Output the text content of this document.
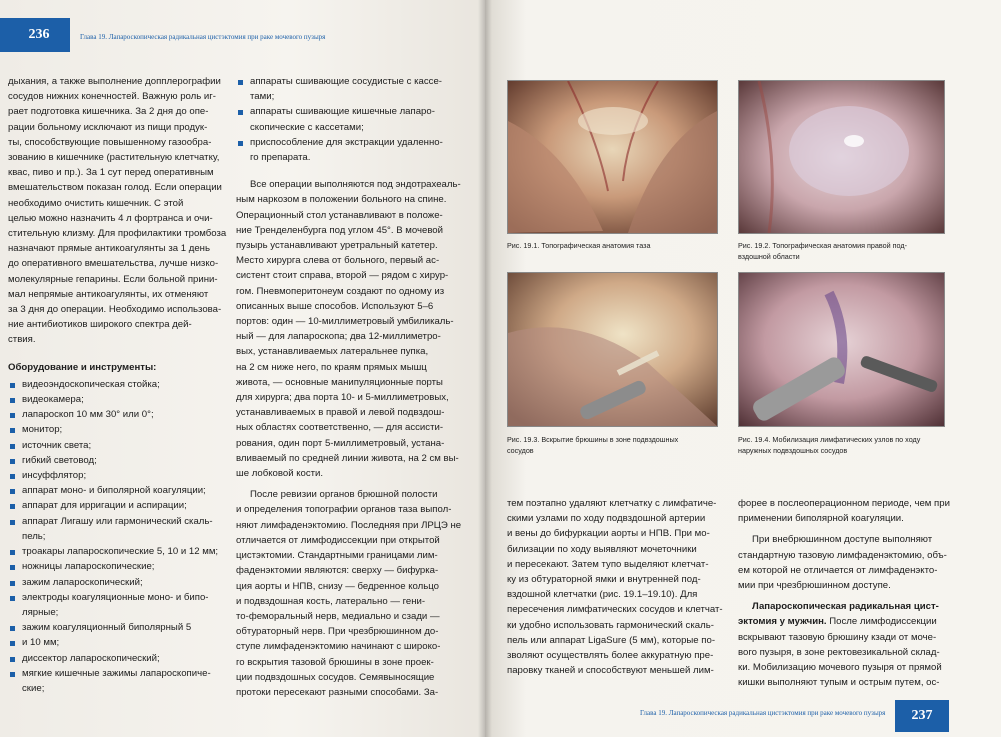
236	Глава 19. Лапароскопическая радикальная цистэктомия при раке мочевого пузыря
дыхания, а также выполнение допплерографии
сосудов нижних конечностей. Важную роль иг-
рает подготовка кишечника. За 2 дня до опе-
рации больному исключают из пищи продук-
ты, способствующие повышенному газообра-
зованию в кишечнике (растительную клетчатку,
квас, пиво и пр.). За 1 сут перед оперативным
вмешательством показан голод. Если операции
необходимо очистить кишечник. С этой
целью можно назначить 4 л фортранса и очи-
стительную клизму. Для профилактики тромбоза
назначают прямые антикоагулянты за 1 день
до оперативного вмешательства, лучше низко-
молекулярные гепарины. Если больной прини-
мал непрямые антикоагулянты, их отменяют
за 3 дня до операции. Необходимо использова-
ние антибиотиков широкого спектра дей-
ствия.

Оборудование и инструменты:

видеоэндоскопическая стойка;
видеокамера;
лапароскоп 10 мм 30° или 0°;
монитор;
источник света;
гибкий световод;
инсуффлятор;
аппарат моно- и биполярной коагуляции;
аппарат для ирригации и аспирации;
аппарат Лигашу или гармонический скаль-
пель;
троакары лапароскопические 5, 10 и 12 мм;
ножницы лапароскопические;
зажим лапароскопический;
электроды коагуляционные моно- и бипо-
лярные;
зажим коагуляционный биполярный 5
и 10 мм;
диссектор лапароскопический;
мягкие кишечные зажимы лапароскопиче-
ские;
аппараты сшивающие сосудистые с кассе-
тами;
аппараты сшивающие кишечные лапаро-
скопические с кассетами;
приспособление для экстракции удаленно-
го препарата.
Все операции выполняются под эндотрахеаль-
ным наркозом в положении больного на спине.
Операционный стол устанавливают в положе-
ние Тренделенбурга под углом 45°. В мочевой
пузырь устанавливают уретральный катетер.
Место хирурга слева от больного, первый ас-
систент стоит справа, второй — рядом с хирур-
гом. Пневмоперитонеум создают по одному из
описанных выше способов. Используют 5–6
портов: один — 10-миллиметровый умбиликаль-
ный — для лапароскопа; два 12-миллиметро-
вых, устанавливаемых латеральнее пупка,
на 2 см ниже него, по краям прямых мышц
живота, — основные манипуляционные порты
для хирурга; два порта 10- и 5-миллиметровых,
устанавливаемых в правой и левой подвздош-
ных областях соответственно, — для ассисти-
рования, один порт 5-миллиметровый, устана-
вливаемый по средней линии живота, на 2 см вы-
ше лобковой кости.
После ревизии органов брюшной полости
и определения топографии органов таза выпол-
няют лимфаденэктомию. Последняя при ЛРЦЭ не
отличается от лимфодиссекции при открытой
цистэктомии. Стандартными границами лим-
фаденэктомии являются: сверху — бифурка-
ция аорты и НПВ, снизу — бедренное кольцо
и подвздошная кость, латерально — гени-
то-феморальный нерв, медиально и сзади —
обтураторный нерв. При чрезбрюшинном до-
ступе лимфаденэктомию начинают с широко-
го вскрытия тазовой брюшины в зоне проек-
ции подвздошных сосудов. Семявыносящие
протоки пересекают разными способами. За-
Рис. 19.1. Топографическая анатомия таза	Рис. 19.2. Топографическая анатомия правой под-
вздошной области
Рис. 19.3. Вскрытие брюшины в зоне подвздошных
сосудов
Рис. 19.4. Мобилизация лимфатических узлов по ходу
наружных подвздошных сосудов
тем поэтапно удаляют клетчатку с лимфатиче-
скими узлами по ходу подвздошной артерии
и вены до бифуркации аорты и НПВ. При мо-
билизации по ходу выявляют мочеточники
и пересекают. Затем тупо выделяют клетчат-
ку из обтураторной ямки и внутренней под-
вздошной клетчатки (рис. 19.1–19.10). Для
пересечения лимфатических сосудов и клетчат-
ки удобно использовать гармонический скаль-
пель или аппарат LigaSure (5 мм), которые по-
зволяют осуществлять более аккуратную пре-
паровку тканей и способствуют меньшей лим-
форее в послеоперационном периоде, чем при
применении биполярной коагуляции.
При внебрюшинном доступе выполняют
стандартную тазовую лимфаденэктомию, объ-
ем которой не отличается от лимфаденэкто-
мии при чрезбрюшинном доступе.

Лапароскопическая радикальная цист-

эктомия у мужчин. После лимфодиссекции

вскрывают тазовую брюшину кзади от моче-
вого пузыря, в зоне ректовезикальной склад-
ки. Мобилизацию мочевого пузыря от прямой
кишки выполняют тупым и острым путем, ос-
Глава 19. Лапароскопическая радикальная цистэктомия при раке мочевого пузыря	237
